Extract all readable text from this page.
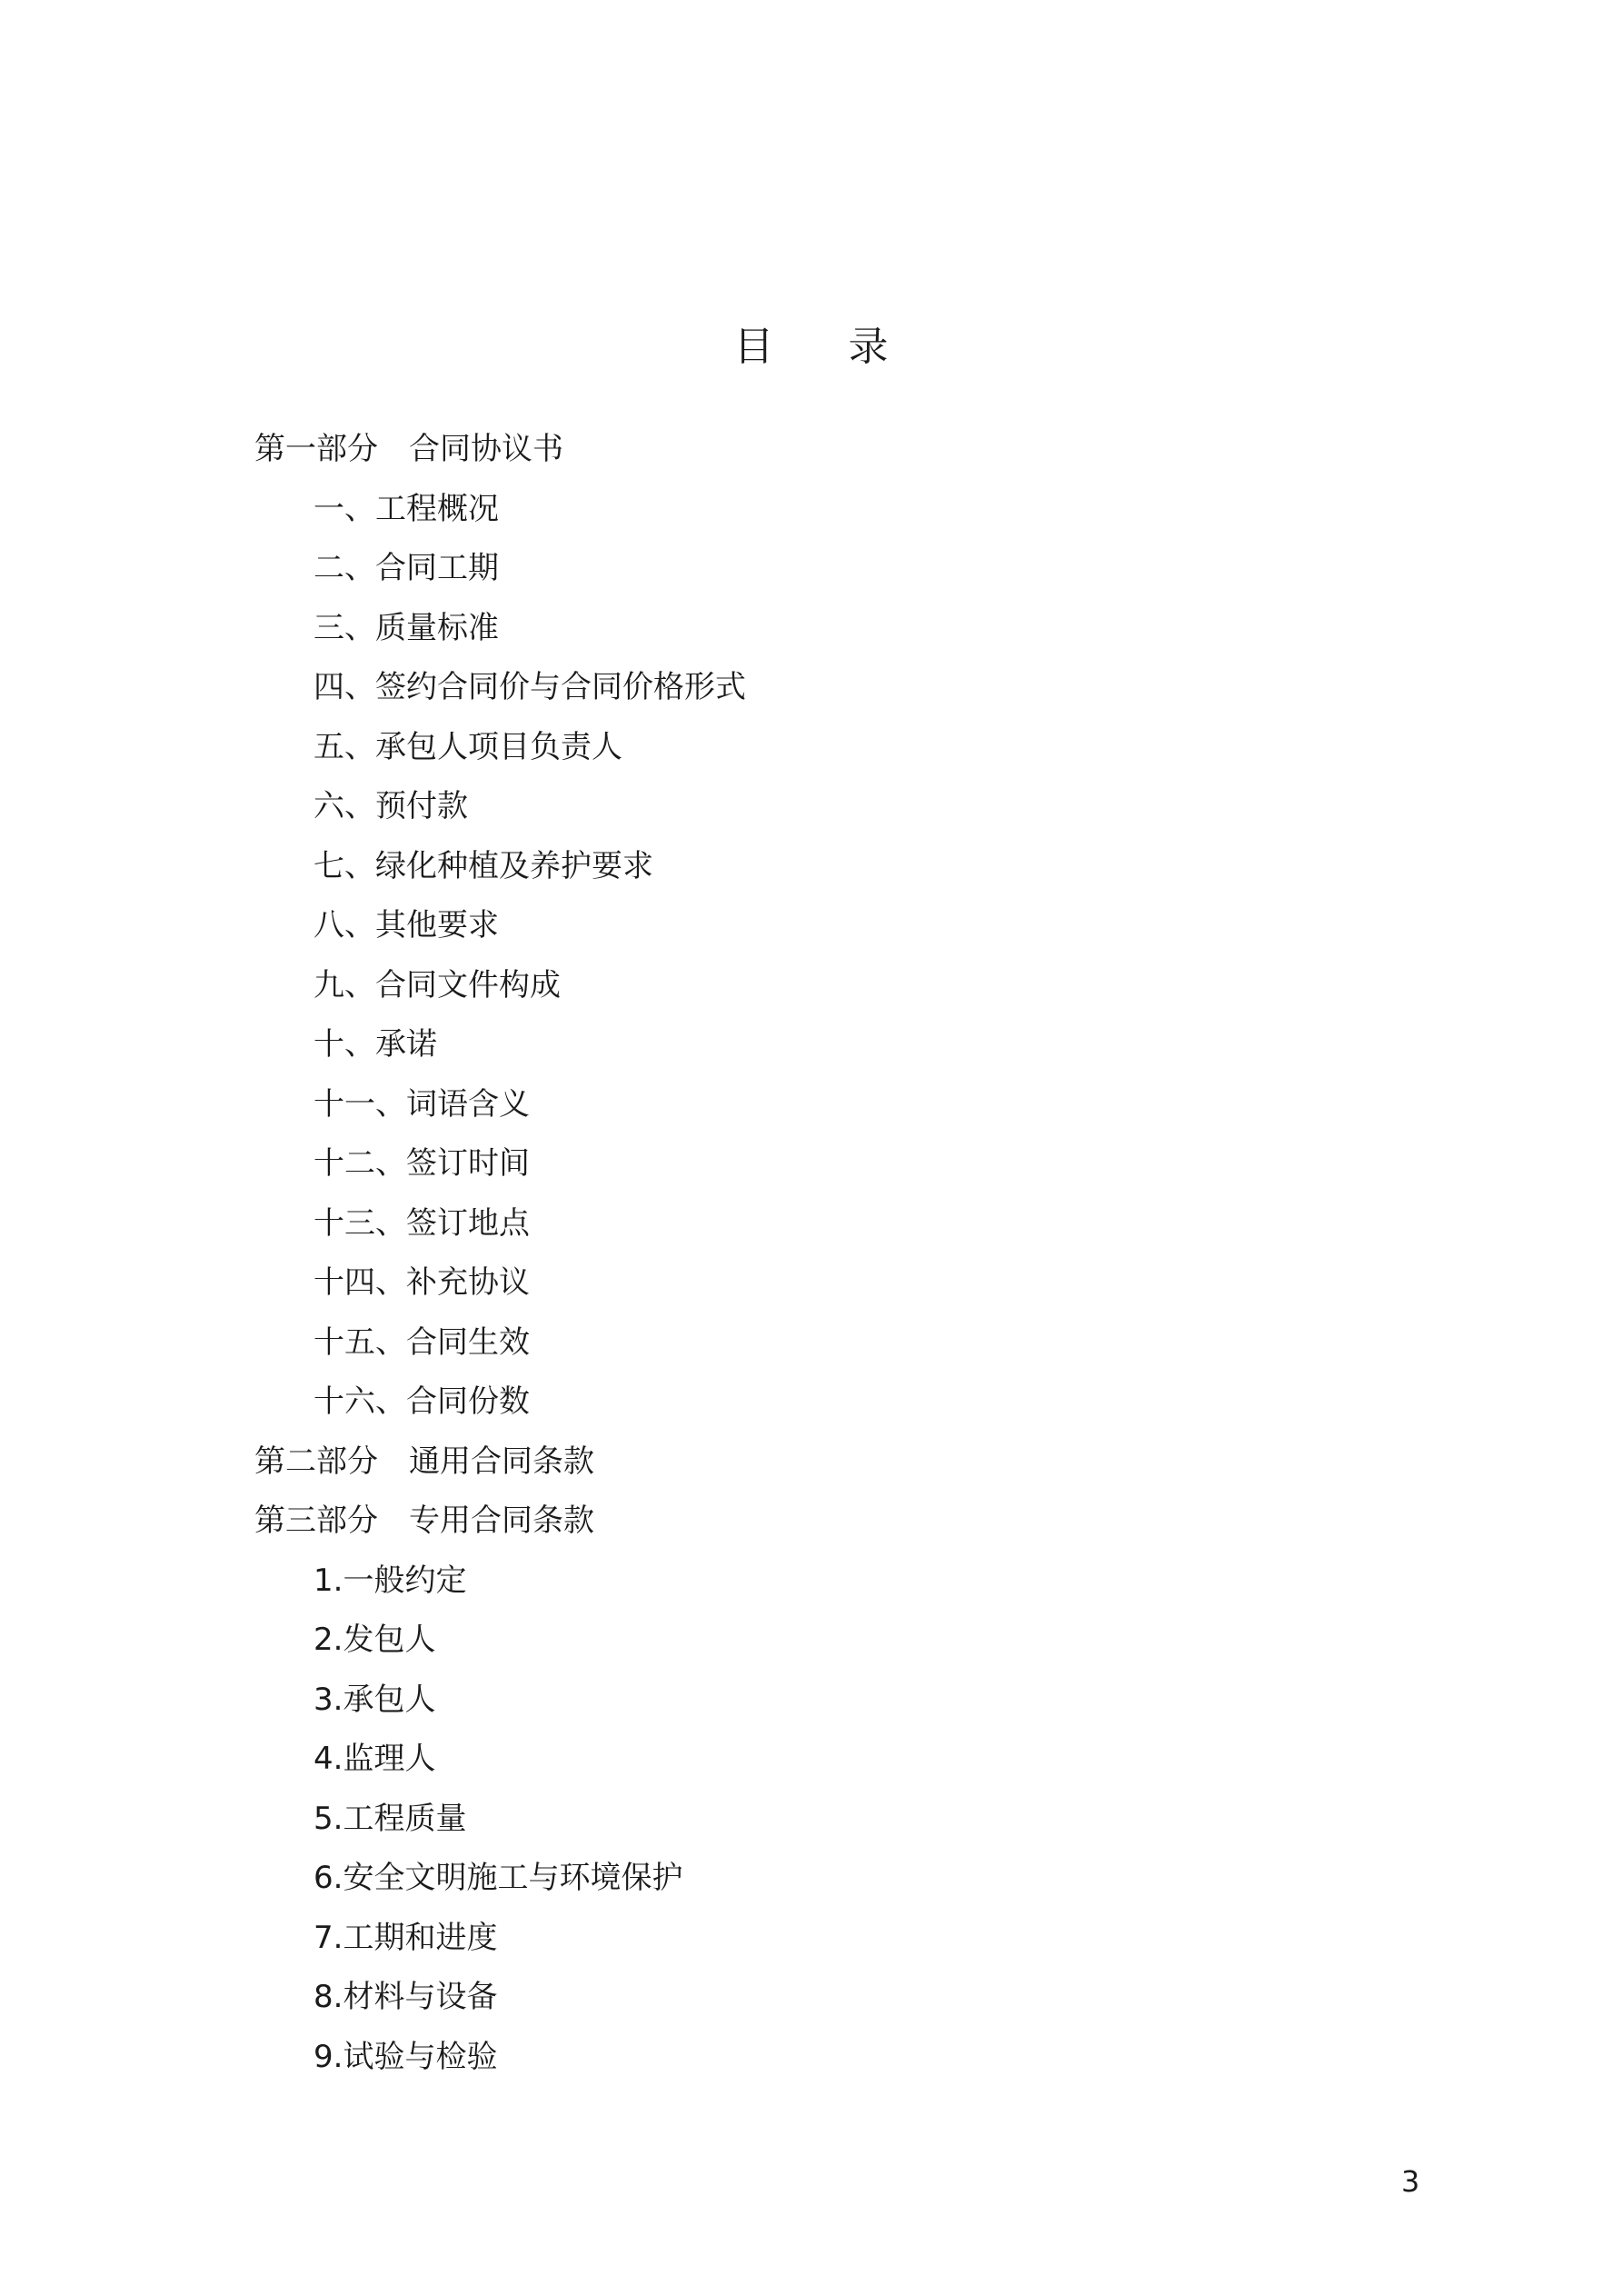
目 录
第一部分 合同协议书
一、工程概况
二、合同工期
三、质量标准
四、签约合同价与合同价格形式
五、承包人项目负责人
六、预付款
七、绿化种植及养护要求
八、其他要求
九、合同文件构成
十、承诺
十一、词语含义
十二、签订时间
十三、签订地点
十四、补充协议
十五、合同生效
十六、合同份数
第二部分 通用合同条款
第三部分 专用合同条款
1.一般约定
2.发包人
3.承包人
4.监理人
5.工程质量
6.安全文明施工与环境保护
7.工期和进度
8.材料与设备
9.试验与检验
3
